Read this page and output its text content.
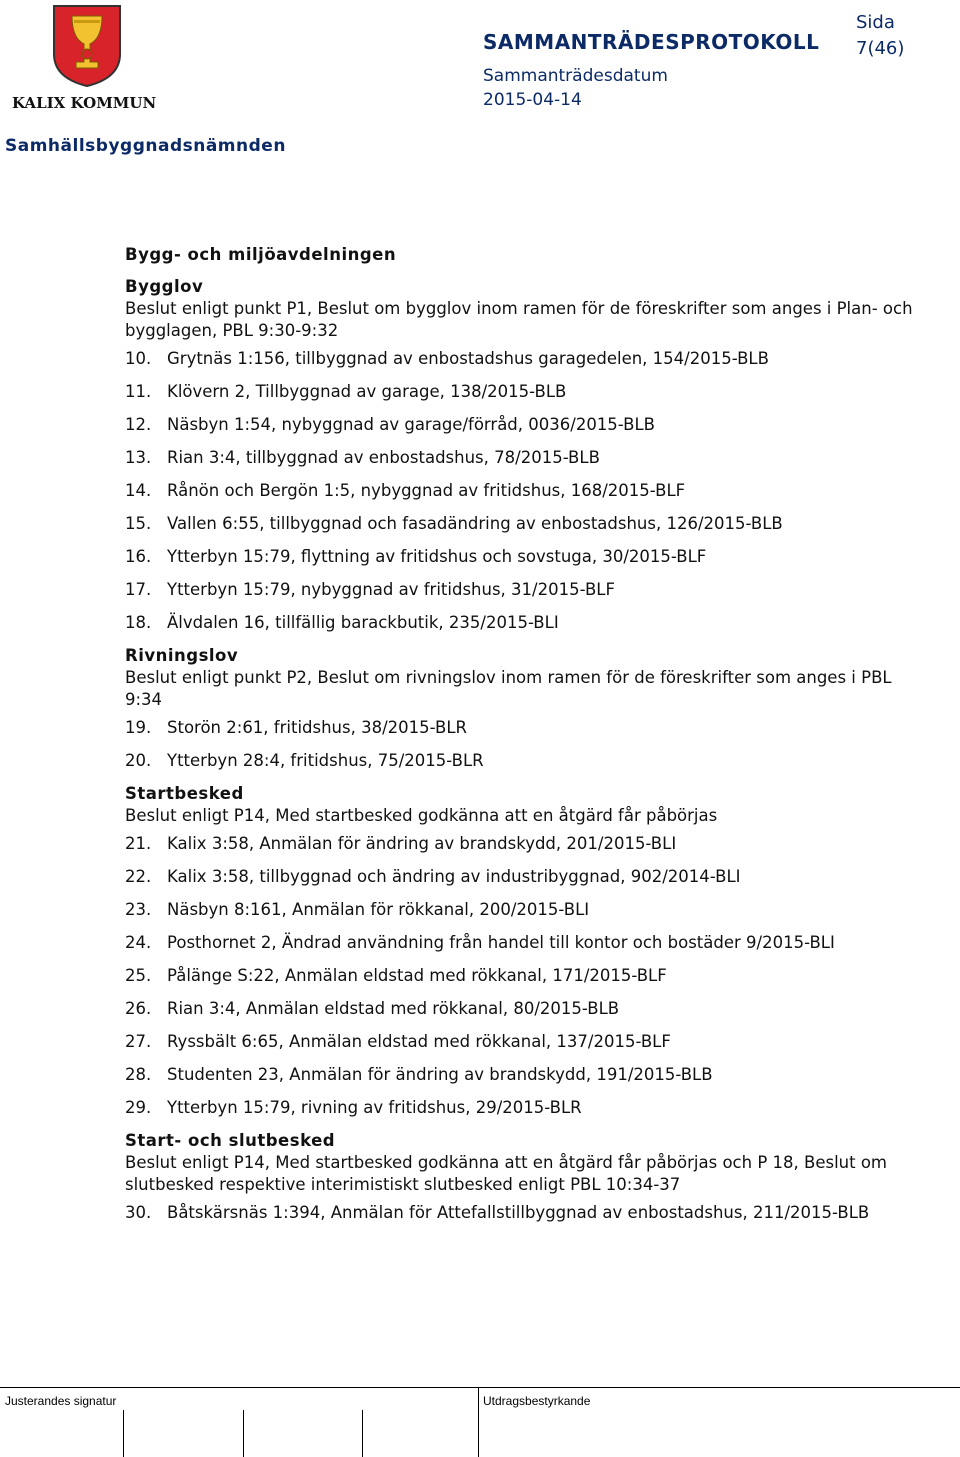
KALIX KOMMUN
SAMMANTRÄDESPROTOKOLL
Sida
7(46)
Sammanträdesdatum
2015-04-14
Samhällsbyggnadsnämnden

Bygg- och miljöavdelningen

Bygglov

Beslut enligt punkt P1, Beslut om bygglov inom ramen för de föreskrifter som anges i Plan- och bygglagen, PBL 9:30-9:32

10. Grytnäs 1:156, tillbyggnad av enbostadshus garagedelen, 154/2015-BLB
11. Klövern 2, Tillbyggnad av garage, 138/2015-BLB
12. Näsbyn 1:54, nybyggnad av garage/förråd, 0036/2015-BLB
13. Rian 3:4, tillbyggnad av enbostadshus, 78/2015-BLB
14. Rånön och Bergön 1:5, nybyggnad av fritidshus, 168/2015-BLF
15. Vallen 6:55, tillbyggnad och fasadändring av enbostadshus, 126/2015-BLB
16. Ytterbyn 15:79, flyttning av fritidshus och sovstuga, 30/2015-BLF
17. Ytterbyn 15:79, nybyggnad av fritidshus, 31/2015-BLF
18. Älvdalen 16, tillfällig barackbutik, 235/2015-BLI

Rivningslov

Beslut enligt punkt P2, Beslut om rivningslov inom ramen för de föreskrifter som anges i PBL 9:34

19. Storön 2:61, fritidshus, 38/2015-BLR
20. Ytterbyn 28:4, fritidshus, 75/2015-BLR

Startbesked

Beslut enligt P14, Med startbesked godkänna att en åtgärd får påbörjas

21. Kalix 3:58, Anmälan för ändring av brandskydd, 201/2015-BLI
22. Kalix 3:58, tillbyggnad och ändring av industribyggnad, 902/2014-BLI
23. Näsbyn 8:161, Anmälan för rökkanal, 200/2015-BLI
24. Posthornet 2, Ändrad användning från handel till kontor och bostäder 9/2015-BLI
25. Pålänge S:22, Anmälan eldstad med rökkanal, 171/2015-BLF
26. Rian 3:4, Anmälan eldstad med rökkanal, 80/2015-BLB
27. Ryssbält 6:65, Anmälan eldstad med rökkanal, 137/2015-BLF
28. Studenten 23, Anmälan för ändring av brandskydd, 191/2015-BLB
29. Ytterbyn 15:79, rivning av fritidshus, 29/2015-BLR

Start- och slutbesked

Beslut enligt P14, Med startbesked godkänna att en åtgärd får påbörjas och P 18, Beslut om slutbesked respektive interimistiskt slutbesked enligt PBL 10:34-37

30. Båtskärsnäs 1:394, Anmälan för Attefallstillbyggnad av enbostadshus, 211/2015-BLB
Justerandes signatur	Utdragsbestyrkande
